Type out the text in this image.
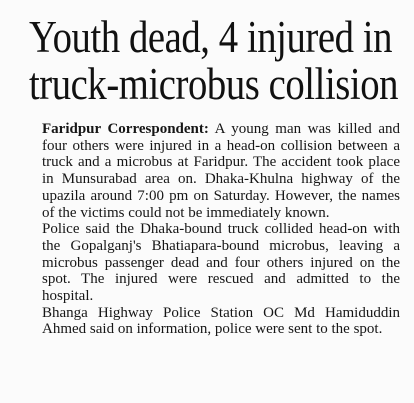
Youth dead, 4 injured in
truck-microbus collision

Faridpur Correspondent: A young man was killed and four others were injured in a head-on collision between a truck and a microbus at Faridpur. The accident took place in Munsurabad area on. Dhaka-Khulna highway of the upazila around 7:00 pm on Saturday. However, the names of the victims could not be immediately known.

Police said the Dhaka-bound truck collided head-on with the Gopalganj's Bhatiapara-bound microbus, leaving a microbus passenger dead and four others injured on the spot. The injured were rescued and admitted to the hospital.

Bhanga Highway Police Station OC Md Hamiduddin Ahmed said on information, police were sent to the spot.
